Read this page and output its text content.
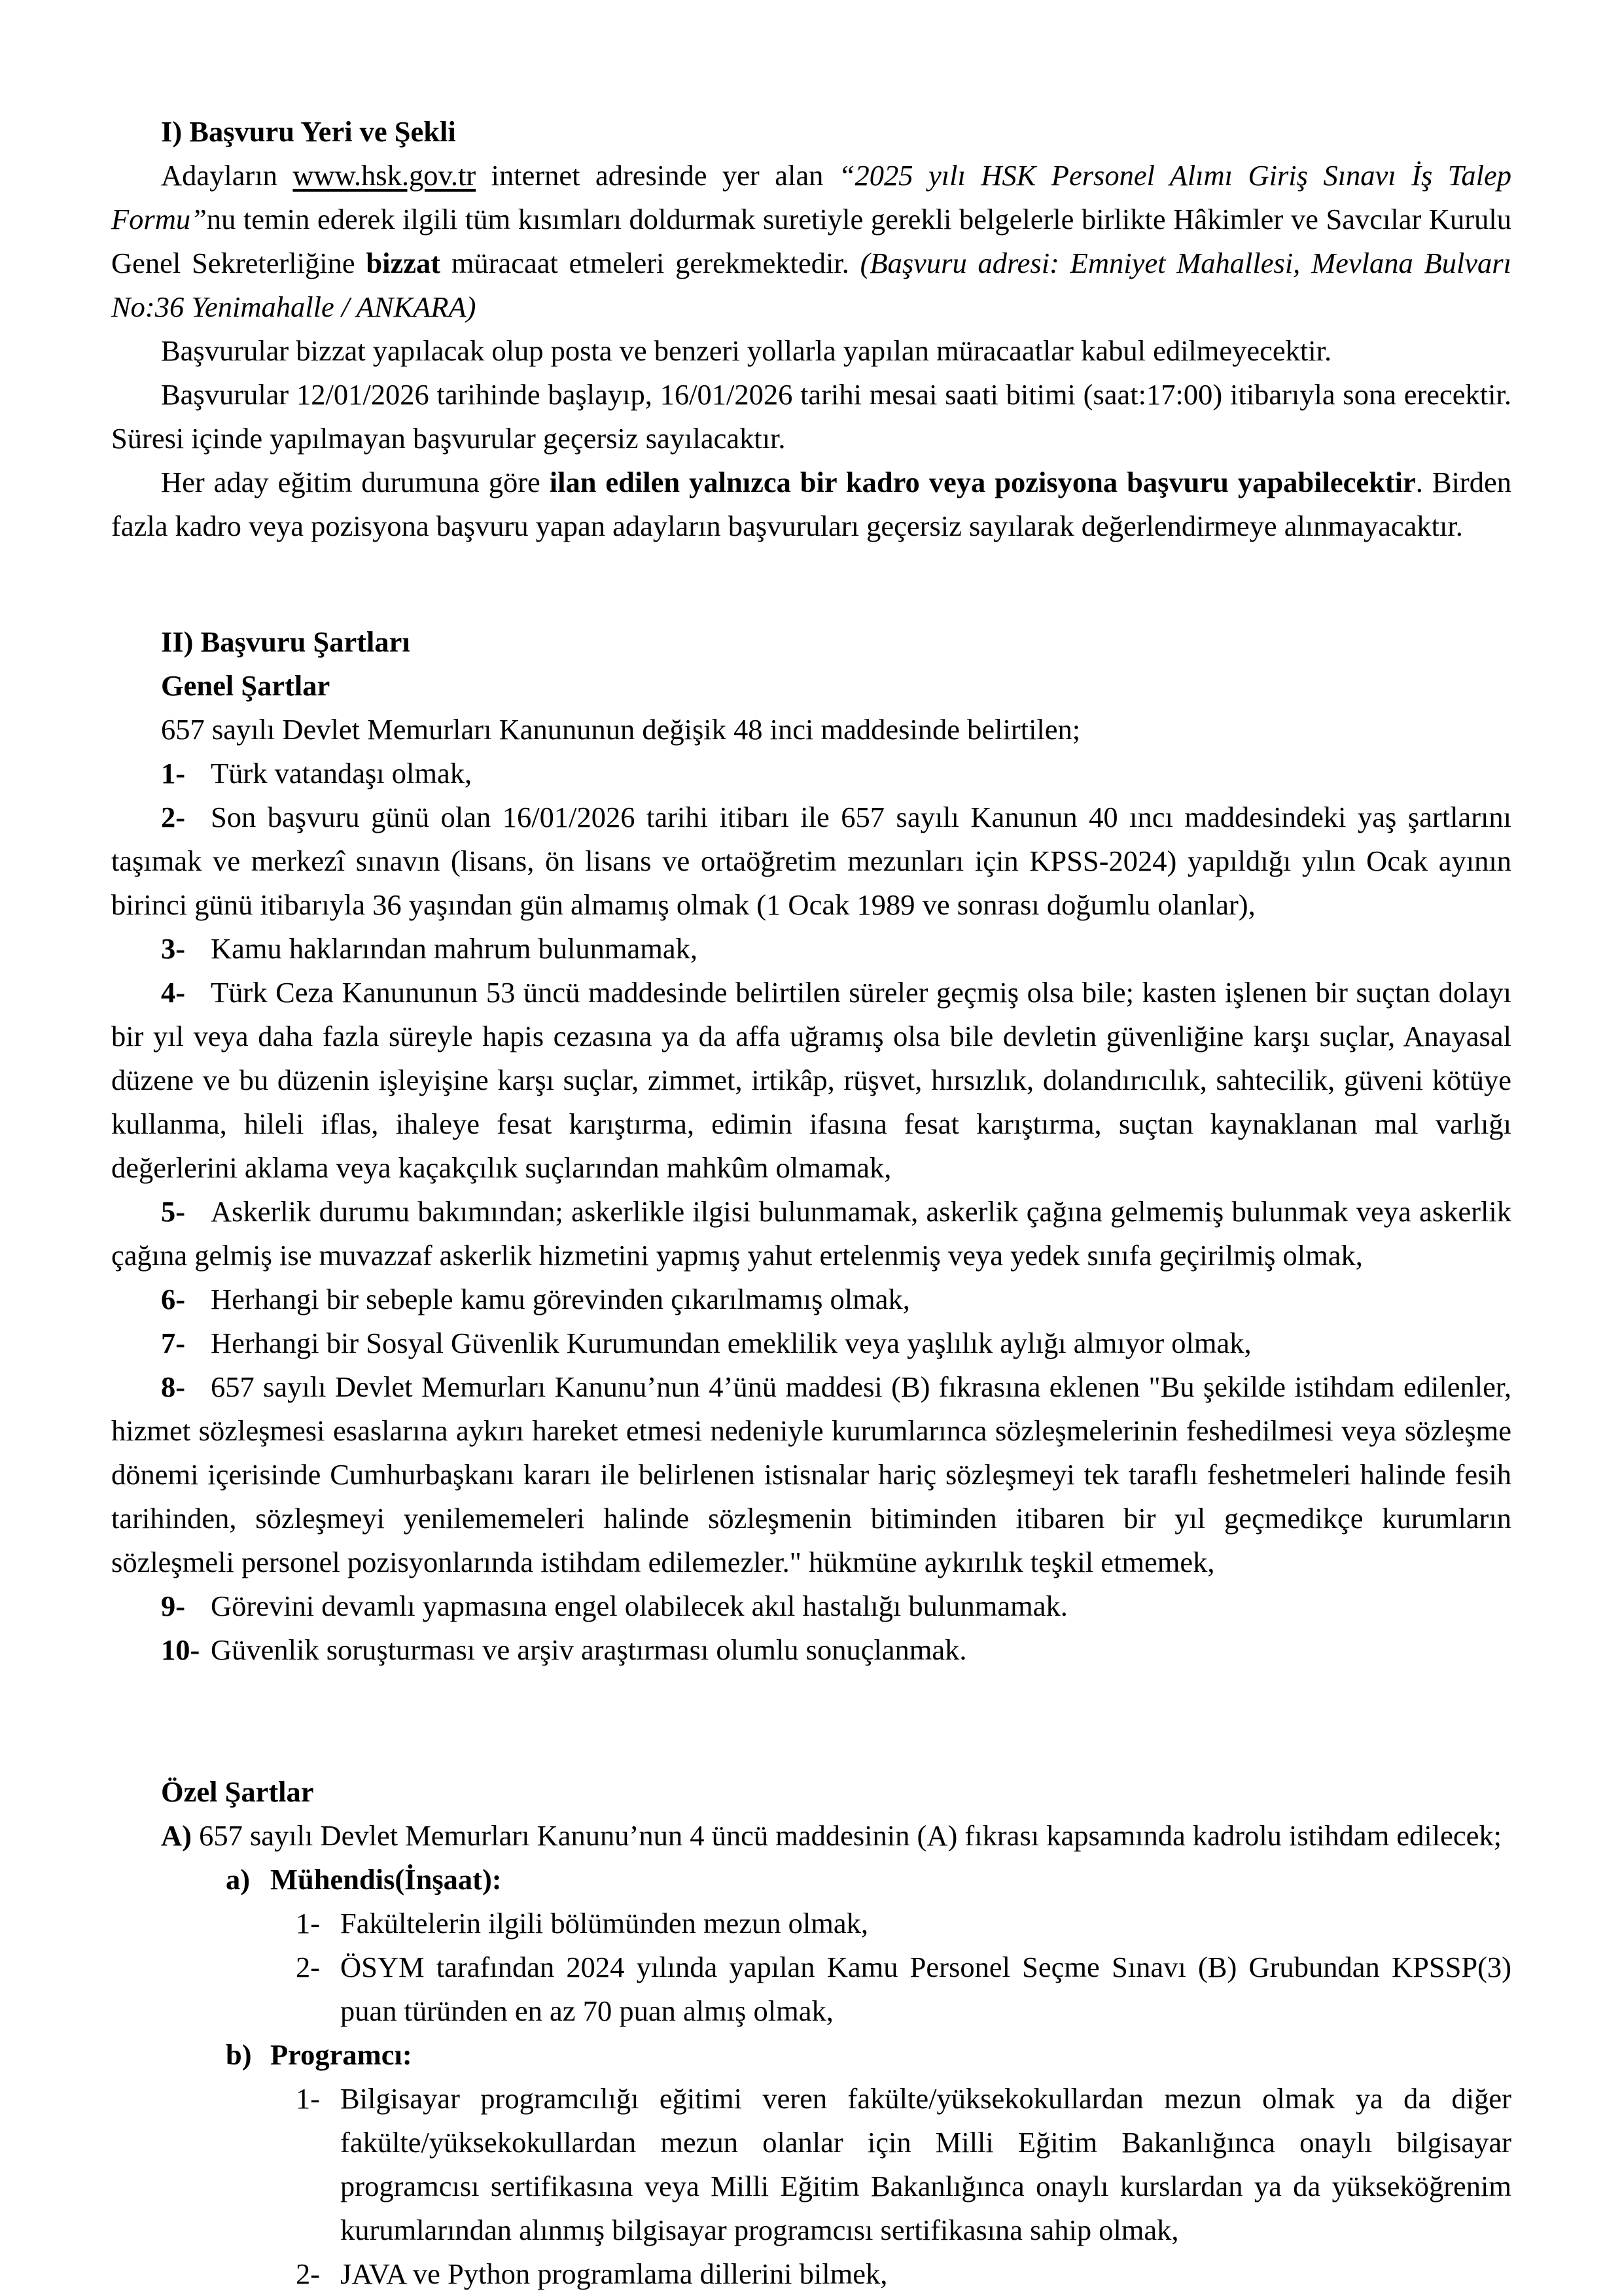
I) Başvuru Yeri ve Şekli

Adayların www.hsk.gov.tr internet adresinde yer alan “2025 yılı HSK Personel Alımı Giriş Sınavı İş Talep Formu”nu temin ederek ilgili tüm kısımları doldurmak suretiyle gerekli belgelerle birlikte Hâkimler ve Savcılar Kurulu Genel Sekreterliğine bizzat müracaat etmeleri gerekmektedir. (Başvuru adresi: Emniyet Mahallesi, Mevlana Bulvarı No:36 Yenimahalle / ANKARA)

Başvurular bizzat yapılacak olup posta ve benzeri yollarla yapılan müracaatlar kabul edilmeyecektir.

Başvurular 12/01/2026 tarihinde başlayıp, 16/01/2026 tarihi mesai saati bitimi (saat:17:00) itibarıyla sona erecektir. Süresi içinde yapılmayan başvurular geçersiz sayılacaktır.

Her aday eğitim durumuna göre ilan edilen yalnızca bir kadro veya pozisyona başvuru yapabilecektir. Birden fazla kadro veya pozisyona başvuru yapan adayların başvuruları geçersiz sayılarak değerlendirmeye alınmayacaktır.

II) Başvuru Şartları
Genel Şartlar

657 sayılı Devlet Memurları Kanununun değişik 48 inci maddesinde belirtilen;

1- Türk vatandaşı olmak,

2- Son başvuru günü olan 16/01/2026 tarihi itibarı ile 657 sayılı Kanunun 40 ıncı maddesindeki yaş şartlarını taşımak ve merkezî sınavın (lisans, ön lisans ve ortaöğretim mezunları için KPSS-2024) yapıldığı yılın Ocak ayının birinci günü itibarıyla 36 yaşından gün almamış olmak (1 Ocak 1989 ve sonrası doğumlu olanlar),

3- Kamu haklarından mahrum bulunmamak,

4- Türk Ceza Kanununun 53 üncü maddesinde belirtilen süreler geçmiş olsa bile; kasten işlenen bir suçtan dolayı bir yıl veya daha fazla süreyle hapis cezasına ya da affa uğramış olsa bile devletin güvenliğine karşı suçlar, Anayasal düzene ve bu düzenin işleyişine karşı suçlar, zimmet, irtikâp, rüşvet, hırsızlık, dolandırıcılık, sahtecilik, güveni kötüye kullanma, hileli iflas, ihaleye fesat karıştırma, edimin ifasına fesat karıştırma, suçtan kaynaklanan mal varlığı değerlerini aklama veya kaçakçılık suçlarından mahkûm olmamak,

5- Askerlik durumu bakımından; askerlikle ilgisi bulunmamak, askerlik çağına gelmemiş bulunmak veya askerlik çağına gelmiş ise muvazzaf askerlik hizmetini yapmış yahut ertelenmiş veya yedek sınıfa geçirilmiş olmak,

6- Herhangi bir sebeple kamu görevinden çıkarılmamış olmak,

7- Herhangi bir Sosyal Güvenlik Kurumundan emeklilik veya yaşlılık aylığı almıyor olmak,

8- 657 sayılı Devlet Memurları Kanunu’nun 4’ünü maddesi (B) fıkrasına eklenen "Bu şekilde istihdam edilenler, hizmet sözleşmesi esaslarına aykırı hareket etmesi nedeniyle kurumlarınca sözleşmelerinin feshedilmesi veya sözleşme dönemi içerisinde Cumhurbaşkanı kararı ile belirlenen istisnalar hariç sözleşmeyi tek taraflı feshetmeleri halinde fesih tarihinden, sözleşmeyi yenilememeleri halinde sözleşmenin bitiminden itibaren bir yıl geçmedikçe kurumların sözleşmeli personel pozisyonlarında istihdam edilemezler." hükmüne aykırılık teşkil etmemek,

9- Görevini devamlı yapmasına engel olabilecek akıl hastalığı bulunmamak.

10- Güvenlik soruşturması ve arşiv araştırması olumlu sonuçlanmak.

Özel Şartlar

A) 657 sayılı Devlet Memurları Kanunu’nun 4 üncü maddesinin (A) fıkrası kapsamında kadrolu istihdam edilecek;

a) Mühendis(İnşaat):
1- Fakültelerin ilgili bölümünden mezun olmak,
2- ÖSYM tarafından 2024 yılında yapılan Kamu Personel Seçme Sınavı (B) Grubundan KPSSP(3) puan türünden en az 70 puan almış olmak,
b) Programcı:
1- Bilgisayar programcılığı eğitimi veren fakülte/yüksekokullardan mezun olmak ya da diğer fakülte/yüksekokullardan mezun olanlar için Milli Eğitim Bakanlığınca onaylı bilgisayar programcısı sertifikasına veya Milli Eğitim Bakanlığınca onaylı kurslardan ya da yükseköğrenim kurumlarından alınmış bilgisayar programcısı sertifikasına sahip olmak,
2- JAVA ve Python programlama dillerini bilmek,
